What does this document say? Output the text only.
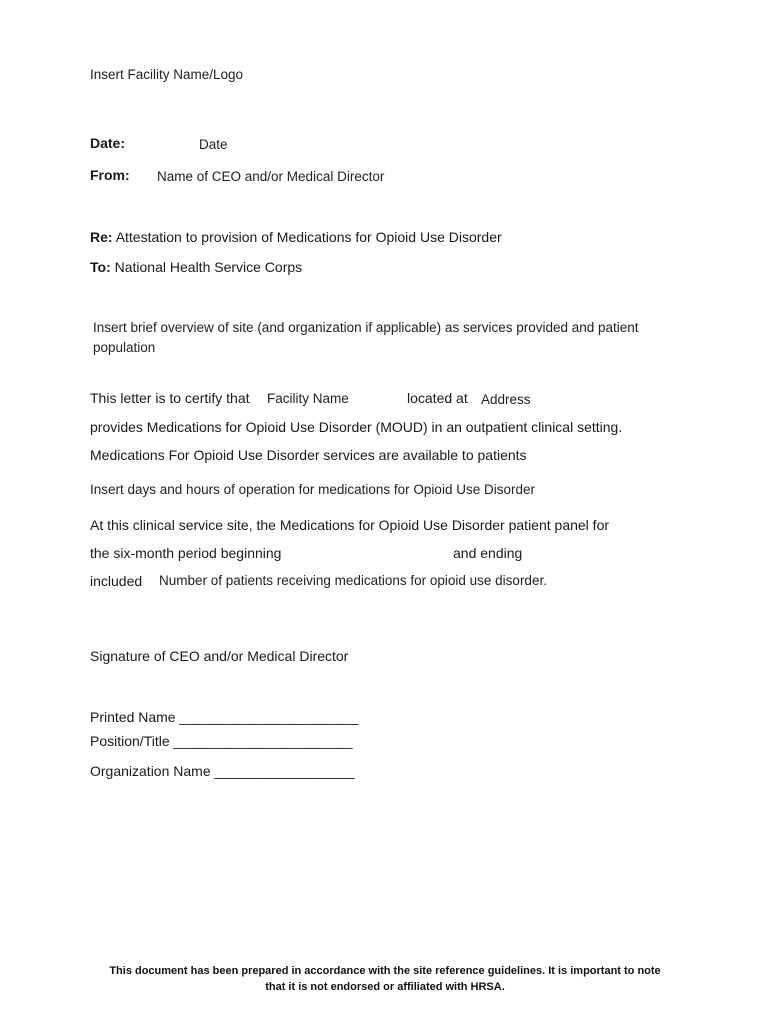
Insert Facility Name/Logo
Date:	Date
From: Name of CEO and/or Medical Director
Re: Attestation to provision of Medications for Opioid Use Disorder
To: National Health Service Corps
Insert brief overview of site (and organization if applicable) as services provided and patient population
This letter is to certify that Facility Name	located at Address
provides Medications for Opioid Use Disorder (MOUD) in an outpatient clinical setting.
Medications For Opioid Use Disorder services are available to patients
Insert days and hours of operation for medications for Opioid Use Disorder
At this clinical service site, the Medications for Opioid Use Disorder patient panel for
the six-month period beginning	and ending
included Number of patients receiving medications for opioid use disorder.
Signature of CEO and/or Medical Director
Printed Name _______________________
Position/Title _______________________
Organization Name __________________
This document has been prepared in accordance with the site reference guidelines. It is important to note
that it is not endorsed or affiliated with HRSA.
